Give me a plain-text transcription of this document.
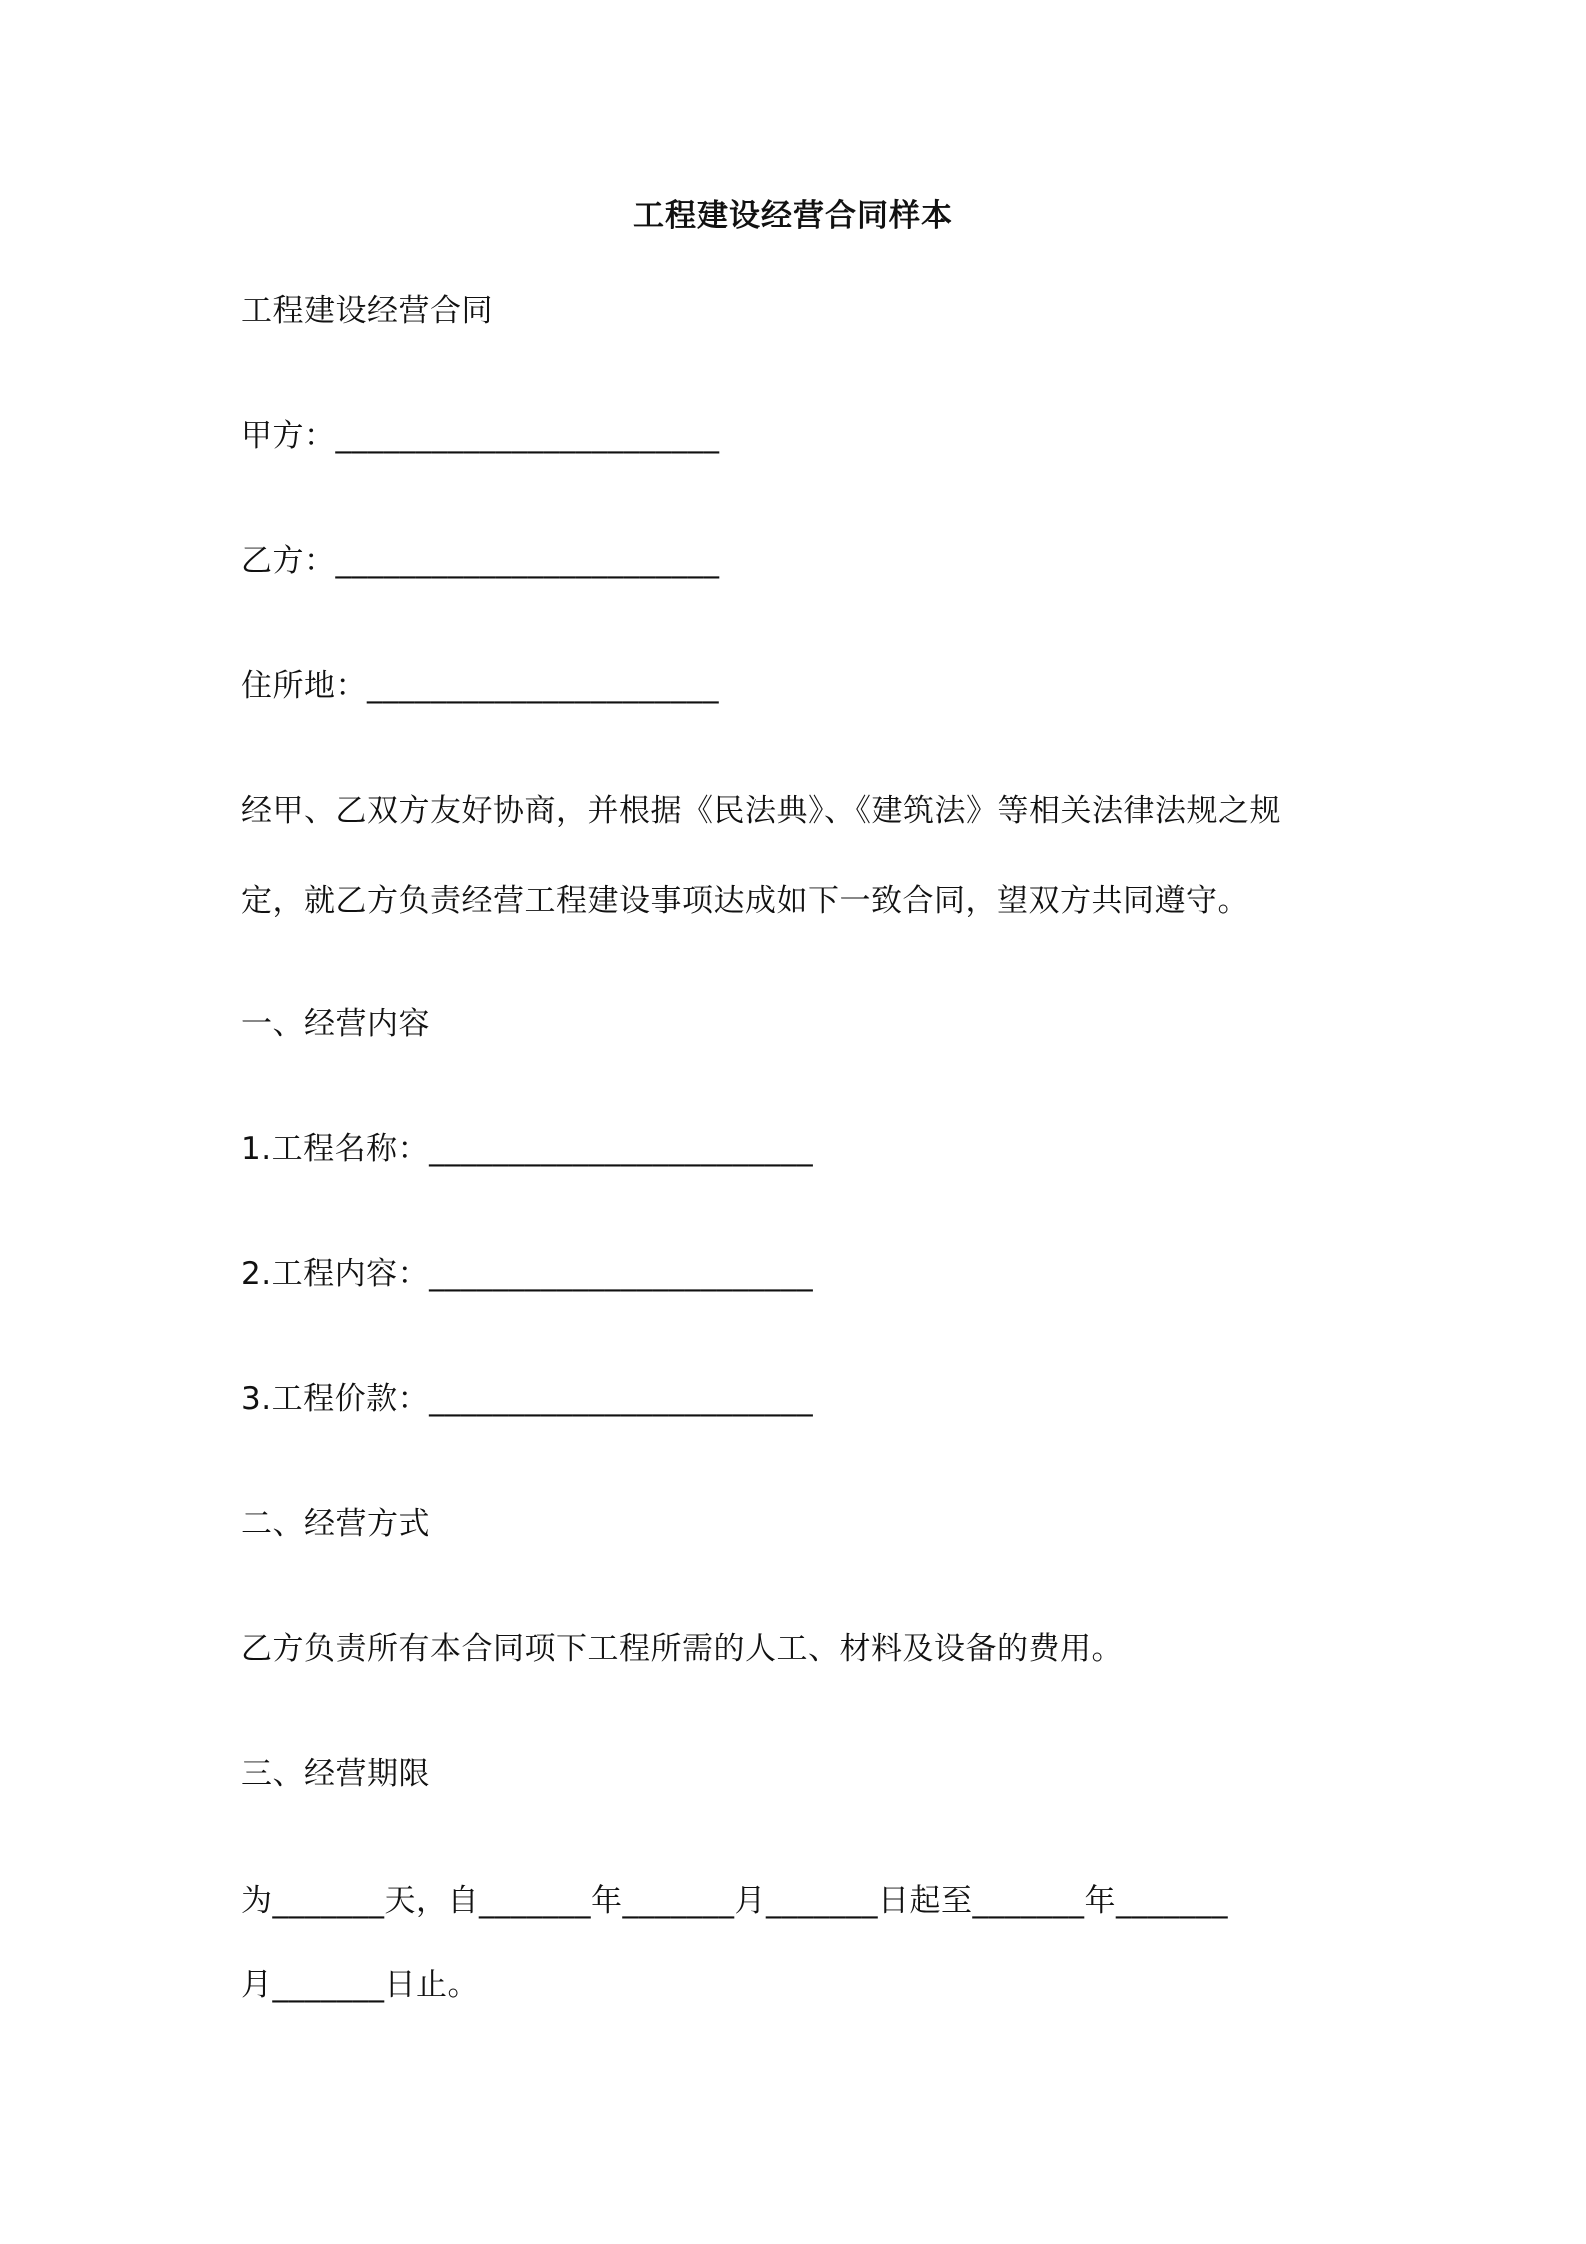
工程建设经营合同样本
工程建设经营合同
甲方：________________________
乙方：________________________
住所地：______________________
经甲、乙双方友好协商，并根据《民法典》、《建筑法》等相关法律法规之规
定，就乙方负责经营工程建设事项达成如下一致合同，望双方共同遵守。
一、经营内容
1.工程名称：________________________
2.工程内容：________________________
3.工程价款：________________________
二、经营方式
乙方负责所有本合同项下工程所需的人工、材料及设备的费用。
三、经营期限
为_______天，自_______年_______月_______日起至_______年_______
月_______日止。
